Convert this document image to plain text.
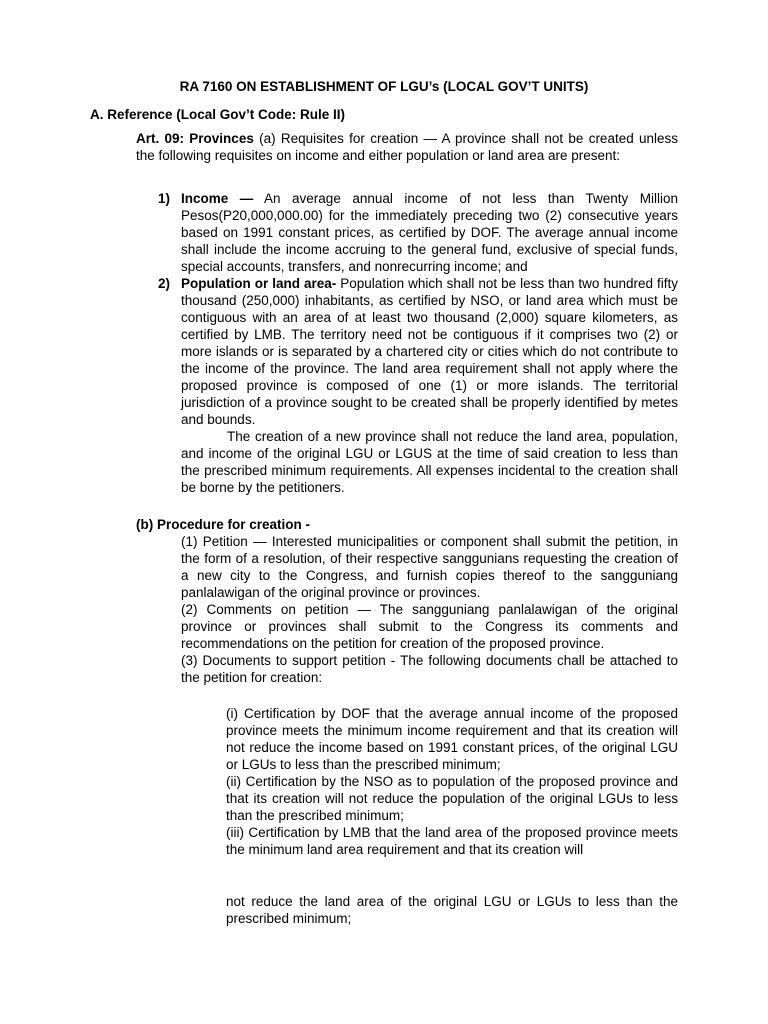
RA 7160 ON ESTABLISHMENT OF LGU’s (LOCAL GOV’T UNITS)
A. Reference (Local Gov’t Code: Rule II)
Art. 09: Provinces (a) Requisites for creation — A province shall not be created unless the following requisites on income and either population or land area are present:
1) Income — An average annual income of not less than Twenty Million Pesos(P20,000,000.00) for the immediately preceding two (2) consecutive years based on 1991 constant prices, as certified by DOF. The average annual income shall include the income accruing to the general fund, exclusive of special funds, special accounts, transfers, and nonrecurring income; and
2) Population or land area- Population which shall not be less than two hundred fifty thousand (250,000) inhabitants, as certified by NSO, or land area which must be contiguous with an area of at least two thousand (2,000) square kilometers, as certified by LMB. The territory need not be contiguous if it comprises two (2) or more islands or is separated by a chartered city or cities which do not contribute to the income of the province. The land area requirement shall not apply where the proposed province is composed of one (1) or more islands. The territorial jurisdiction of a province sought to be created shall be properly identified by metes and bounds.
The creation of a new province shall not reduce the land area, population, and income of the original LGU or LGUS at the time of said creation to less than the prescribed minimum requirements. All expenses incidental to the creation shall be borne by the petitioners.
(b) Procedure for creation -

(1) Petition — Interested municipalities or component shall submit the petition, in the form of a resolution, of their respective sanggunians requesting the creation of a new city to the Congress, and furnish copies thereof to the sangguniang panlalawigan of the original province or provinces.

(2) Comments on petition — The sangguniang panlalawigan of the original province or provinces shall submit to the Congress its comments and recommendations on the petition for creation of the proposed province.

(3) Documents to support petition - The following documents chall be attached to the petition for creation:

(i) Certification by DOF that the average annual income of the proposed province meets the minimum income requirement and that its creation will not reduce the income based on 1991 constant prices, of the original LGU or LGUs to less than the prescribed minimum;

(ii) Certification by the NSO as to population of the proposed province and that its creation will not reduce the population of the original LGUs to less than the prescribed minimum;

(iii) Certification by LMB that the land area of the proposed province meets the minimum land area requirement and that its creation will

not reduce the land area of the original LGU or LGUs to less than the prescribed minimum;
